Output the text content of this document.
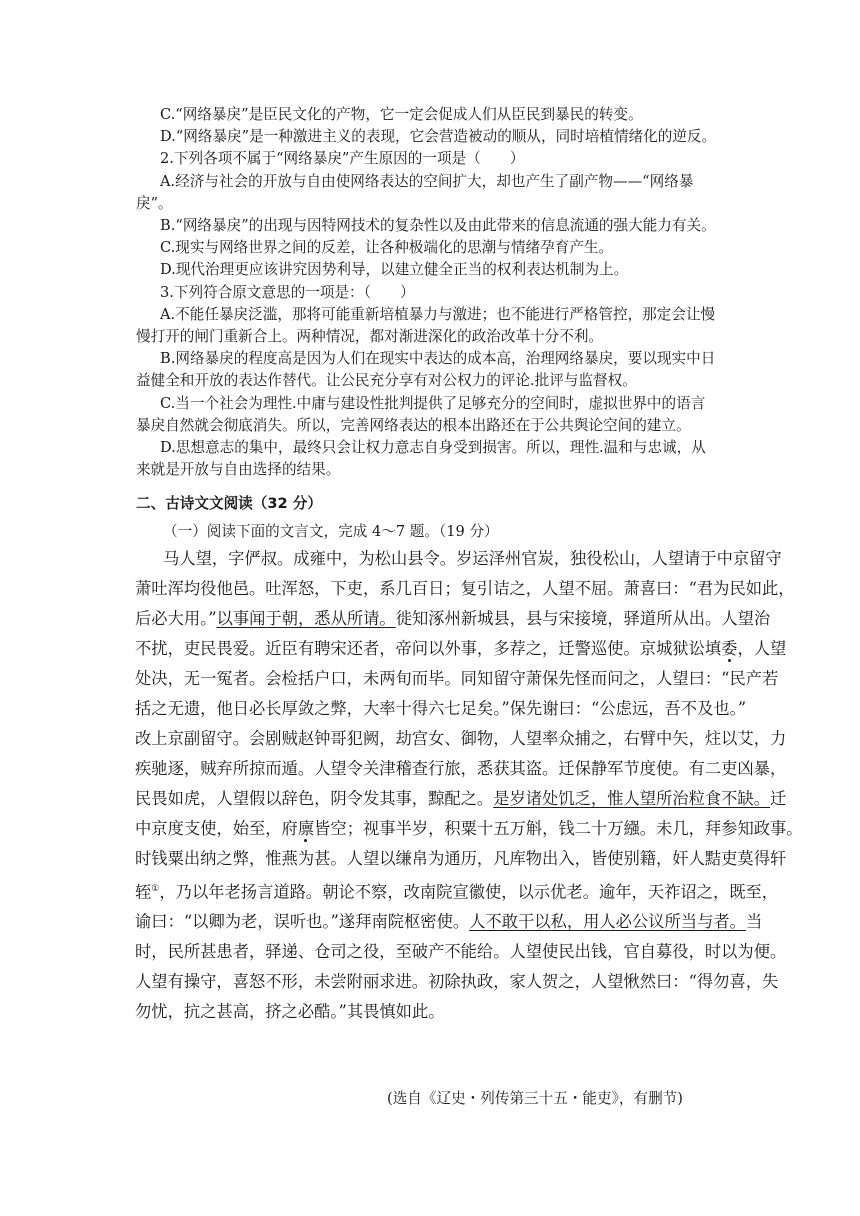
C.“网络暴戾”是臣民文化的产物，它一定会促成人们从臣民到暴民的转变。

D.“网络暴戾”是一种激进主义的表现，它会营造被动的顺从，同时培植情绪化的逆反。

2.下列各项不属于“网络暴戾”产生原因的一项是（　　）

A.经济与社会的开放与自由使网络表达的空间扩大，却也产生了副产物——“网络暴

戾”。

B.“网络暴戾”的出现与因特网技术的复杂性以及由此带来的信息流通的强大能力有关。

C.现实与网络世界之间的反差，让各种极端化的思潮与情绪孕育产生。

D.现代治理更应该讲究因势利导，以建立健全正当的权利表达机制为上。

3.下列符合原文意思的一项是：（　　）

A.不能任暴戾泛滥，那将可能重新培植暴力与激进；也不能进行严格管控，那定会让慢

慢打开的闸门重新合上。两种情况，都对渐进深化的政治改革十分不利。

B.网络暴戾的程度高是因为人们在现实中表达的成本高，治理网络暴戾，要以现实中日

益健全和开放的表达作替代。让公民充分享有对公权力的评论.批评与监督权。

C.当一个社会为理性.中庸与建设性批判提供了足够充分的空间时，虚拟世界中的语言

暴戾自然就会彻底消失。所以，完善网络表达的根本出路还在于公共舆论空间的建立。

D.思想意志的集中，最终只会让权力意志自身受到损害。所以，理性.温和与忠诚，从

来就是开放与自由选择的结果。

二、古诗文文阅读（32 分）
（一）阅读下面的文言文，完成 4～7 题。（19 分）
马人望，字俨叔。成雍中，为松山县令。岁运泽州官炭，独役松山，人望请于中京留守
萧吐浑均役他邑。吐浑怒，下吏，系几百日；复引诘之，人望不屈。萧喜曰：“君为民如此，
后必大用。”以事闻于朝，悉从所请。徙知涿州新城县，县与宋接境，驿道所从出。人望治
不扰，吏民畏爱。近臣有聘宋还者，帝问以外事，多荐之，迁警巡使。京城狱讼填委，人望
处决，无一冤者。会检括户口，未两旬而毕。同知留守萧保先怪而问之，人望曰：“民产若
括之无遗，他日必长厚敛之弊，大率十得六七足矣。”保先谢曰：“公虑远，吾不及也。”
改上京副留守。会剧贼赵钟哥犯阙，劫宫女、御物，人望率众捕之，右臂中矢，炷以艾，力
疾驰逐，贼弃所掠而遁。人望令关津稽查行旅，悉获其盗。迁保静军节度使。有二吏凶暴，
民畏如虎，人望假以辞色，阴令发其事，黥配之。是岁诸处饥乏，惟人望所治粒食不缺。迁
中京度支使，始至，府廪皆空；视事半岁，积粟十五万斛，钱二十万繦。未几，拜参知政事。
时钱粟出纳之弊，惟燕为甚。人望以缣帛为通历，凡库物出入，皆使别籍，奸人黠吏莫得轩
轾①，乃以年老扬言道路。朝论不察，改南院宣徽使，以示优老。逾年，天祚诏之，既至，
谕曰：“以卿为老，误听也。”遂拜南院枢密使。人不敢干以私，用人必公议所当与者。当
时，民所甚患者，驿递、仓司之役，至破产不能给。人望使民出钱，官自募役，时以为便。
人望有操守，喜怒不形，未尝附丽求进。初除执政，家人贺之，人望愀然曰：“得勿喜，失
勿忧，抗之甚高，挤之必酷。”其畏慎如此。
(选自《辽史・列传第三十五・能吏》，有删节)
